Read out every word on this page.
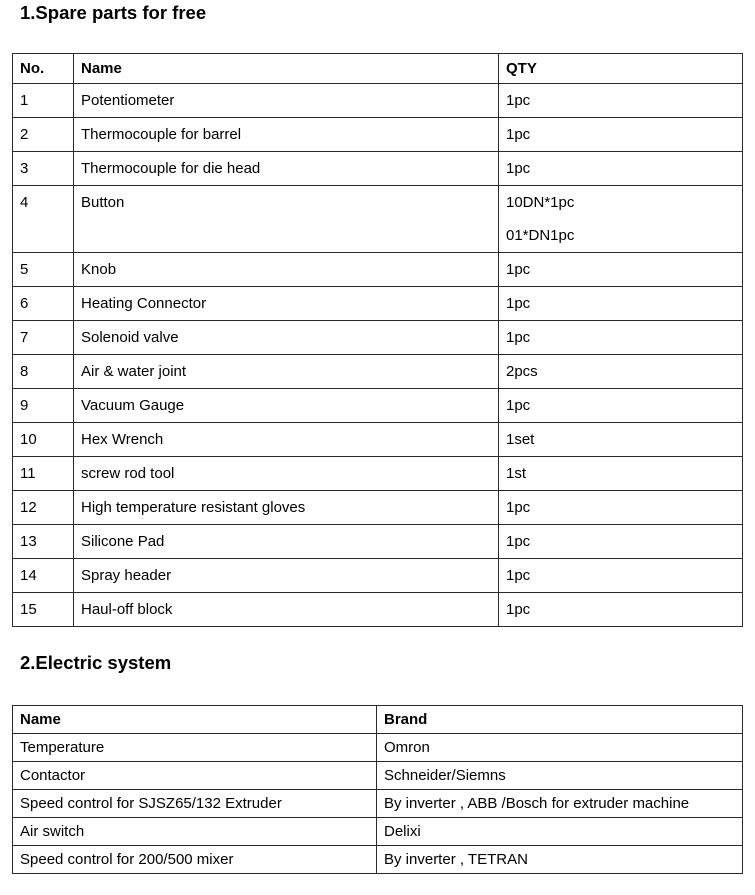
1.Spare parts for free
No.	Name	QTY
1	Potentiometer	1pc

2	Thermocouple for barrel	1pc

3	Thermocouple for die head	1pc

4	Button	10DN*1pc
01*DN1pc

5	Knob	1pc

6	Heating Connector	1pc

7	Solenoid valve	1pc

8	Air & water joint	2pcs

9	Vacuum Gauge	1pc

10	Hex Wrench	1set

11	screw rod tool	1st

12	High temperature resistant gloves	1pc

13	Silicone Pad	1pc

14	Spray header	1pc

15	Haul-off block	1pc
2.Electric system
Name	Brand
Temperature	Omron
Contactor	Schneider/Siemns
Speed control for SJSZ65/132 Extruder	By inverter , ABB /Bosch for extruder machine
Air switch	Delixi
Speed control for 200/500 mixer	By inverter , TETRAN
